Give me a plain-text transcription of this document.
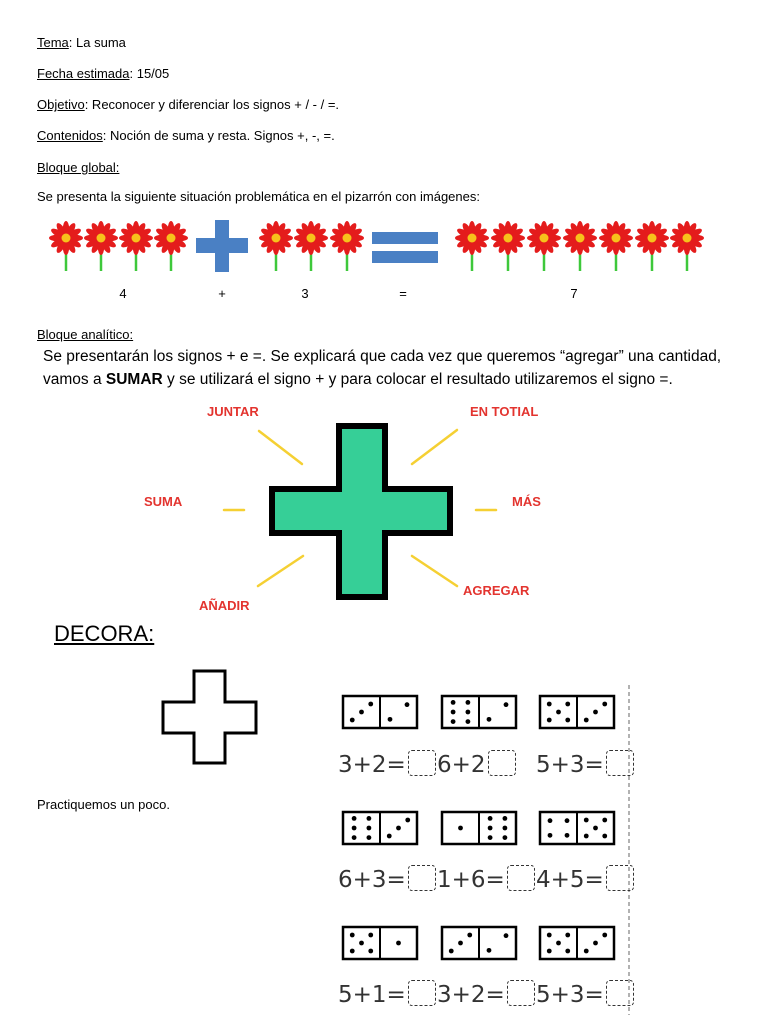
Tema: La suma
Fecha estimada: 15/05
Objetivo: Reconocer y diferenciar los signos + / - / =.
Contenidos: Noción de suma y resta. Signos +, -, =.
Bloque global:
Se presenta la siguiente situación problemática en el pizarrón con imágenes:
4	+	3	=	7
Bloque analítico:
Se presentarán los signos + e =. Se explicará que cada vez que queremos “agregar” una cantidad, vamos a SUMAR y se utilizará el signo + y para colocar el resultado utilizaremos el signo =.
JUNTAR	EN TOTIAL
SUMA	MÁS
AÑADIR
AGREGAR
DECORA:
Practiquemos un poco.
3+2=	6+2	5+3=
6+3=	1+6=	4+5=
5+1=	3+2=	5+3=
